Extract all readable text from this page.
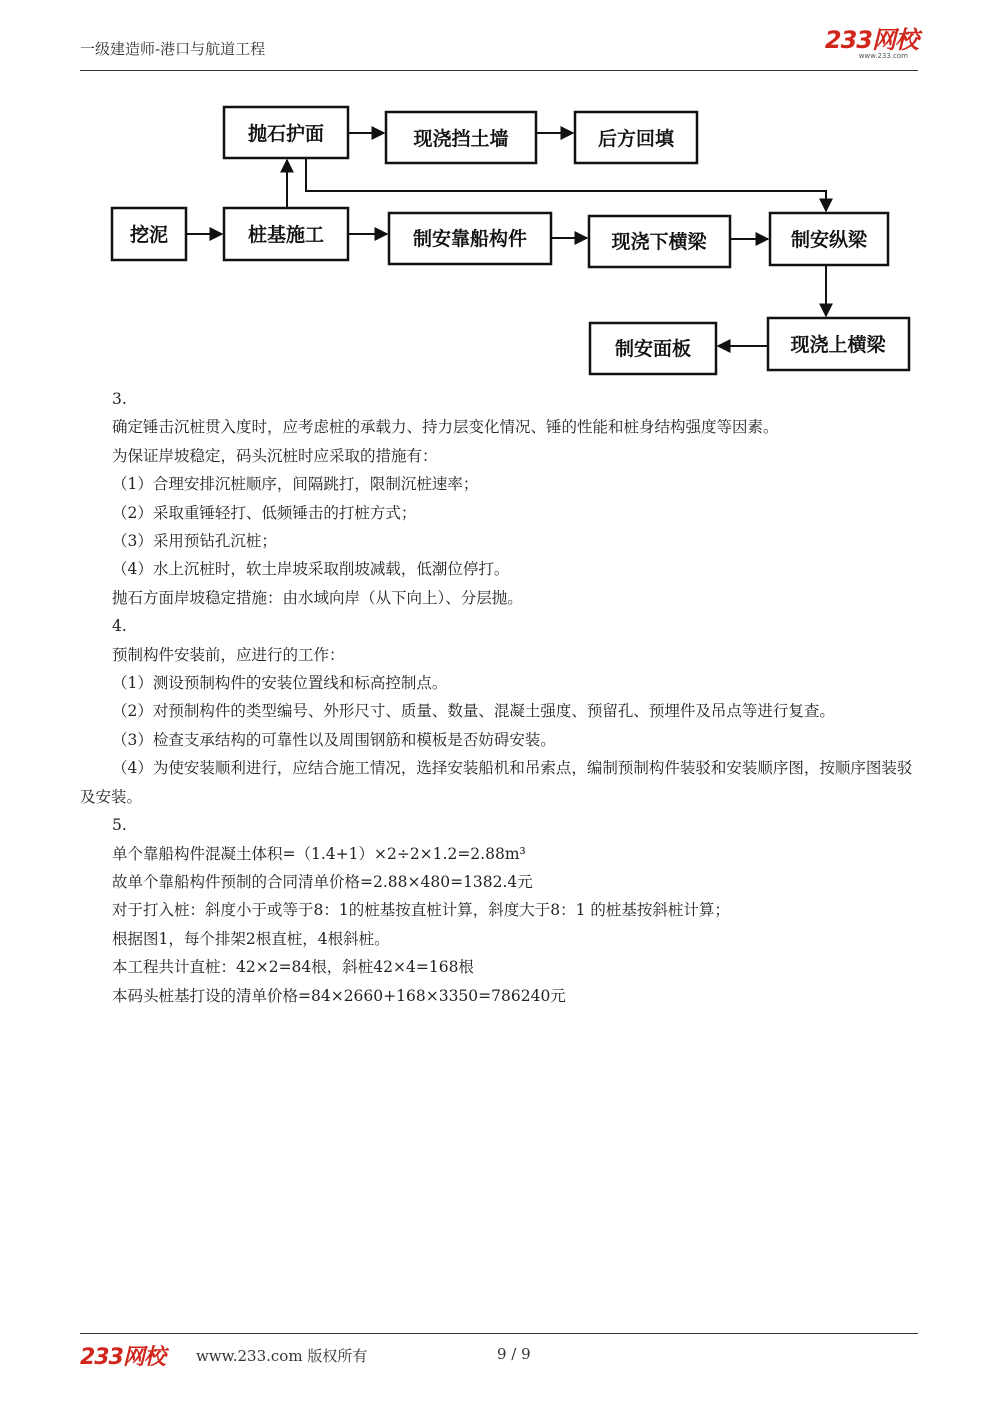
一级建造师-港口与航道工程	233网校
www.233.com
抛石护面	现浇挡土墙	后方回填
挖泥	桩基施工	制安靠船构件	现浇下横梁	制安纵梁
现浇上横梁
制安面板

3.

确定锤击沉桩贯入度时，应考虑桩的承载力、持力层变化情况、锤的性能和桩身结构强度等因素。

为保证岸坡稳定，码头沉桩时应采取的措施有：

（1）合理安排沉桩顺序，间隔跳打，限制沉桩速率；

（2）采取重锤轻打、低频锤击的打桩方式；

（3）采用预钻孔沉桩；

（4）水上沉桩时，软土岸坡采取削坡减载，低潮位停打。

抛石方面岸坡稳定措施：由水域向岸（从下向上）、分层抛。

4.

预制构件安装前，应进行的工作：

（1）测设预制构件的安装位置线和标高控制点。

（2）对预制构件的类型编号、外形尺寸、质量、数量、混凝土强度、预留孔、预埋件及吊点等进行复查。

（3）检查支承结构的可靠性以及周围钢筋和模板是否妨碍安装。

（4）为使安装顺利进行，应结合施工情况，选择安装船机和吊索点，编制预制构件装驳和安装顺序图，按顺序图装驳及安装。

5.

单个靠船构件混凝土体积=（1.4+1）×2÷2×1.2=2.88m³

故单个靠船构件预制的合同清单价格=2.88×480=1382.4元

对于打入桩：斜度小于或等于8：1的桩基按直桩计算，斜度大于8：1 的桩基按斜桩计算；

根据图1，每个排架2根直桩，4根斜桩。

本工程共计直桩：42×2=84根，斜桩42×4=168根

本码头桩基打设的清单价格=84×2660+168×3350=786240元

233网校 www.233.com 版权所有	9 / 9
